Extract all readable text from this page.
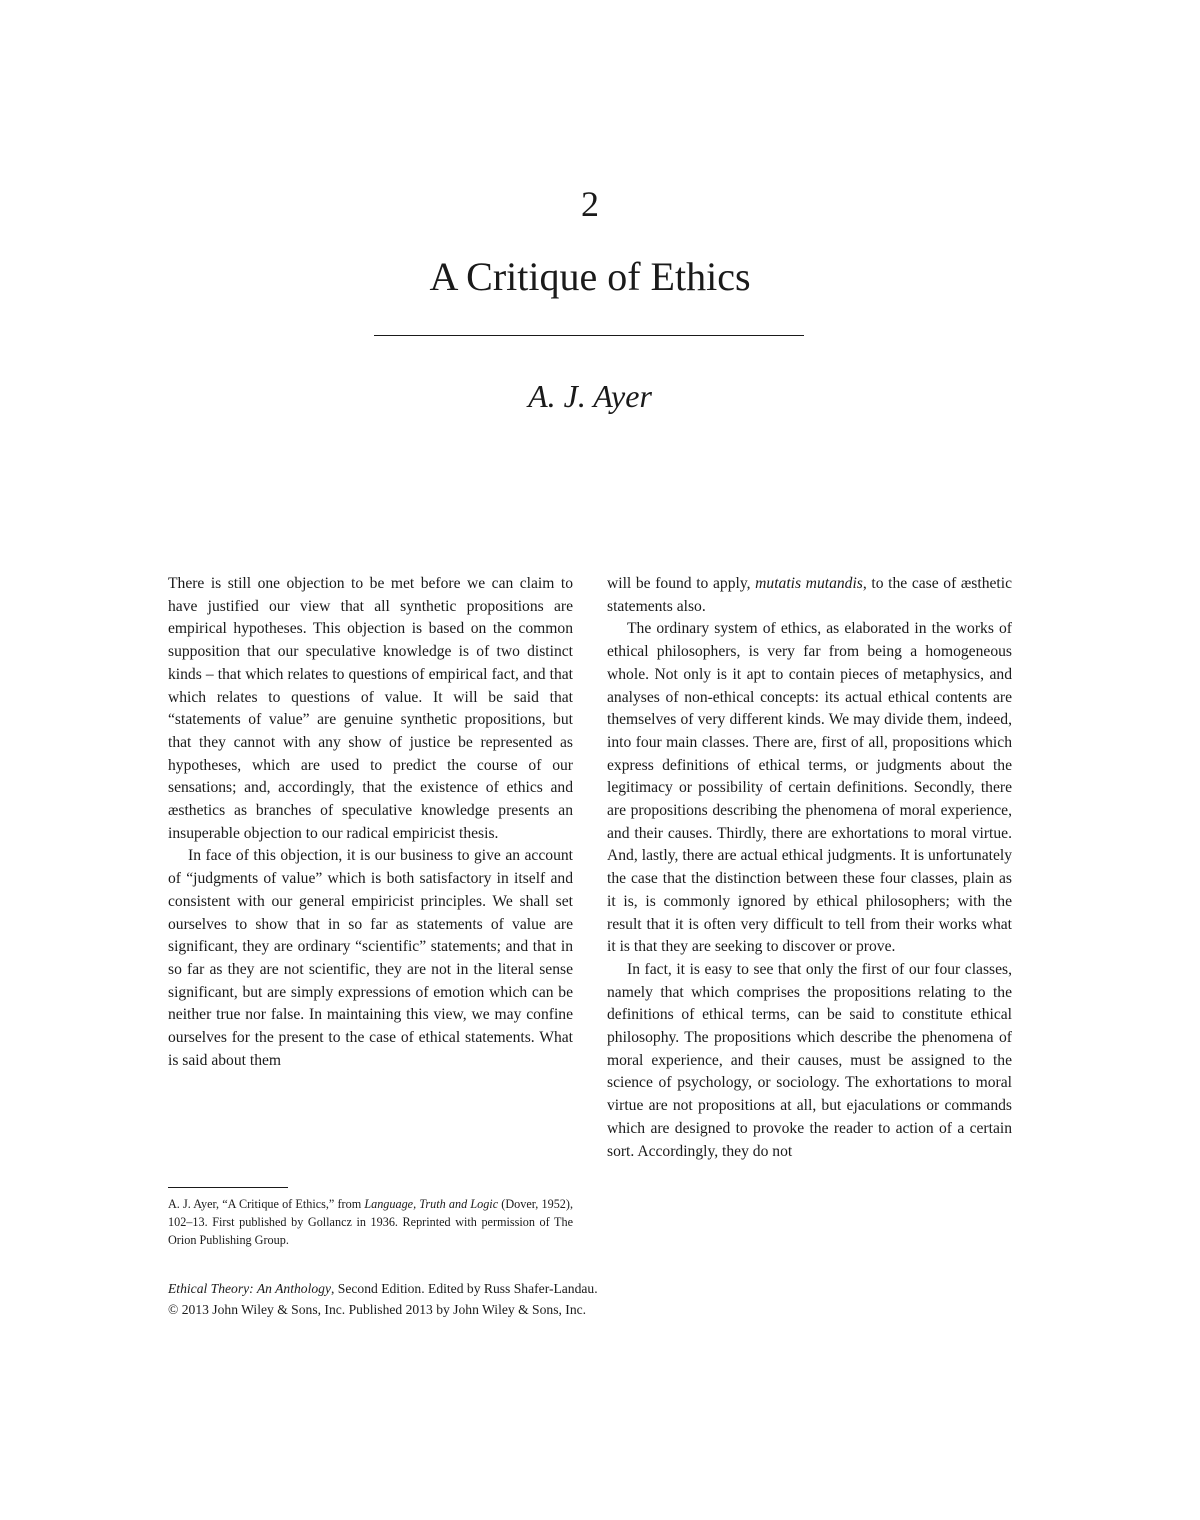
2
A Critique of Ethics
A. J. Ayer

There is still one objection to be met before we can claim to have justified our view that all synthetic propositions are empirical hypotheses. This objection is based on the common supposition that our speculative knowledge is of two distinct kinds – that which relates to questions of empirical fact, and that which relates to questions of value. It will be said that “statements of value” are genuine synthetic propositions, but that they cannot with any show of justice be represented as hypotheses, which are used to predict the course of our sensations; and, accordingly, that the existence of ethics and æsthetics as branches of speculative knowledge presents an insuperable objection to our radical empiricist thesis.

In face of this objection, it is our business to give an account of “judgments of value” which is both satisfactory in itself and consistent with our general empiricist principles. We shall set ourselves to show that in so far as statements of value are significant, they are ordinary “scientific” statements; and that in so far as they are not scientific, they are not in the literal sense significant, but are simply expressions of emotion which can be neither true nor false. In maintaining this view, we may confine ourselves for the present to the case of ethical statements. What is said about them

A. J. Ayer, “A Critique of Ethics,” from Language, Truth and Logic (Dover, 1952), 102–13. First published by Gollancz in 1936. Reprinted with permission of The Orion Publishing Group.

will be found to apply, mutatis mutandis, to the case of æsthetic statements also.

The ordinary system of ethics, as elaborated in the works of ethical philosophers, is very far from being a homogeneous whole. Not only is it apt to contain pieces of metaphysics, and analyses of non-ethical concepts: its actual ethical contents are themselves of very different kinds. We may divide them, indeed, into four main classes. There are, first of all, propositions which express definitions of ethical terms, or judgments about the legitimacy or possibility of certain definitions. Secondly, there are propositions describing the phenomena of moral experience, and their causes. Thirdly, there are exhortations to moral virtue. And, lastly, there are actual ethical judgments. It is unfortunately the case that the distinction between these four classes, plain as it is, is commonly ignored by ethical philosophers; with the result that it is often very difficult to tell from their works what it is that they are seeking to discover or prove.

In fact, it is easy to see that only the first of our four classes, namely that which comprises the propositions relating to the definitions of ethical terms, can be said to constitute ethical philosophy. The propositions which describe the phenomena of moral experience, and their causes, must be assigned to the science of psychology, or sociology. The exhortations to moral virtue are not propositions at all, but ejaculations or commands which are designed to provoke the reader to action of a certain sort. Accordingly, they do not

Ethical Theory: An Anthology, Second Edition. Edited by Russ Shafer-Landau.
© 2013 John Wiley & Sons, Inc. Published 2013 by John Wiley & Sons, Inc.
